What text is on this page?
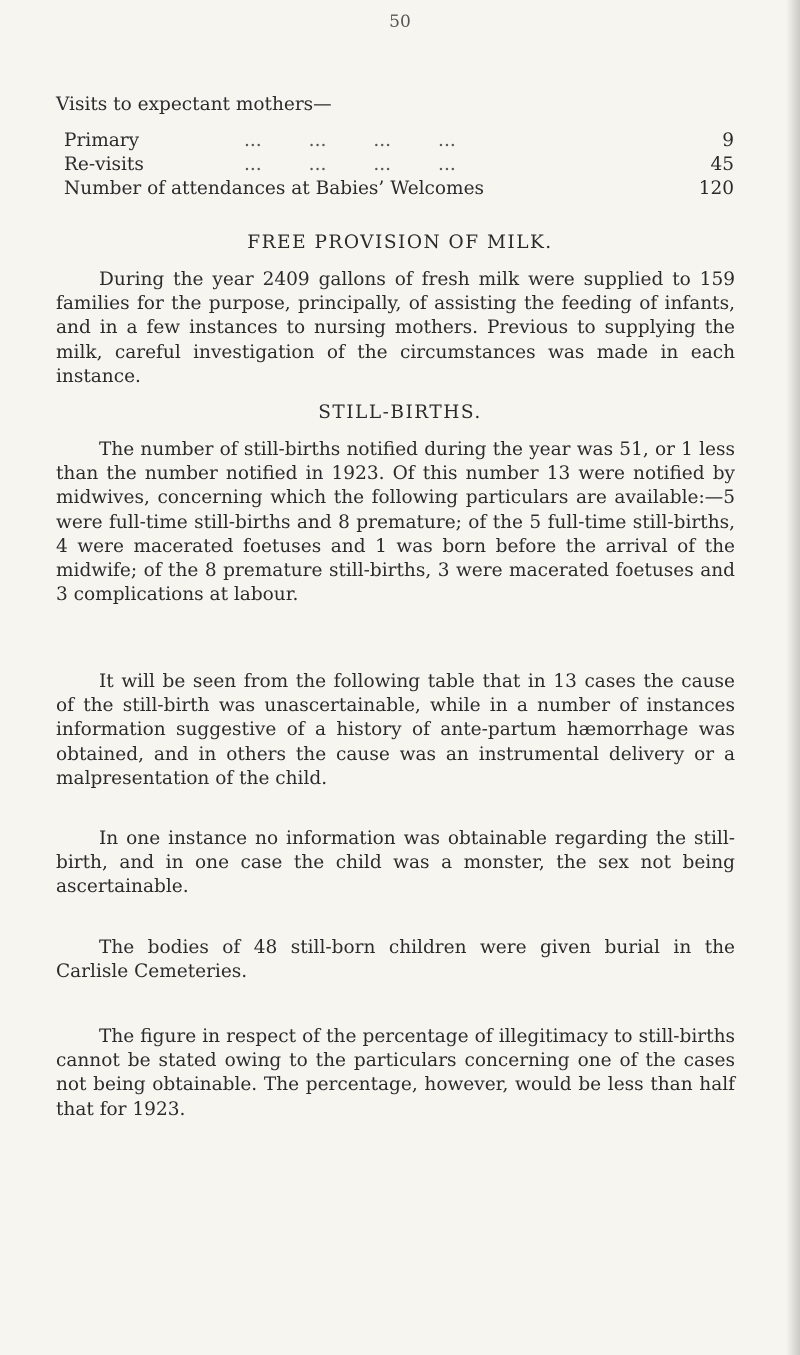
50
Visits to expectant mothers—
Primary	...        ...        ...        ...	9
Re-visits	...        ...        ...        ...	45
Number of attendances at Babies’ Welcomes	120
FREE PROVISION OF MILK.

During the year 2409 gallons of fresh milk were supplied to 159 families for the purpose, principally, of assisting the feeding of infants, and in a few instances to nursing mothers. Previous to supplying the milk, careful investigation of the circumstances was made in each instance.

STILL-BIRTHS.

The number of still-births notified during the year was 51, or 1 less than the number notified in 1923. Of this number 13 were notified by midwives, concerning which the following particulars are available:—5 were full-time still-births and 8 premature; of the 5 full-time still-births, 4 were macerated foetuses and 1 was born before the arrival of the midwife; of the 8 premature still-births, 3 were macerated foetuses and 3 complications at labour.

It will be seen from the following table that in 13 cases the cause of the still-birth was unascertainable, while in a number of instances information suggestive of a history of ante-partum hæmorrhage was obtained, and in others the cause was an instrumental delivery or a malpresentation of the child.

In one instance no information was obtainable regarding the still-birth, and in one case the child was a monster, the sex not being ascertainable.

The bodies of 48 still-born children were given burial in the Carlisle Cemeteries.

The figure in respect of the percentage of illegitimacy to still-births cannot be stated owing to the particulars concerning one of the cases not being obtainable. The percentage, however, would be less than half that for 1923.
